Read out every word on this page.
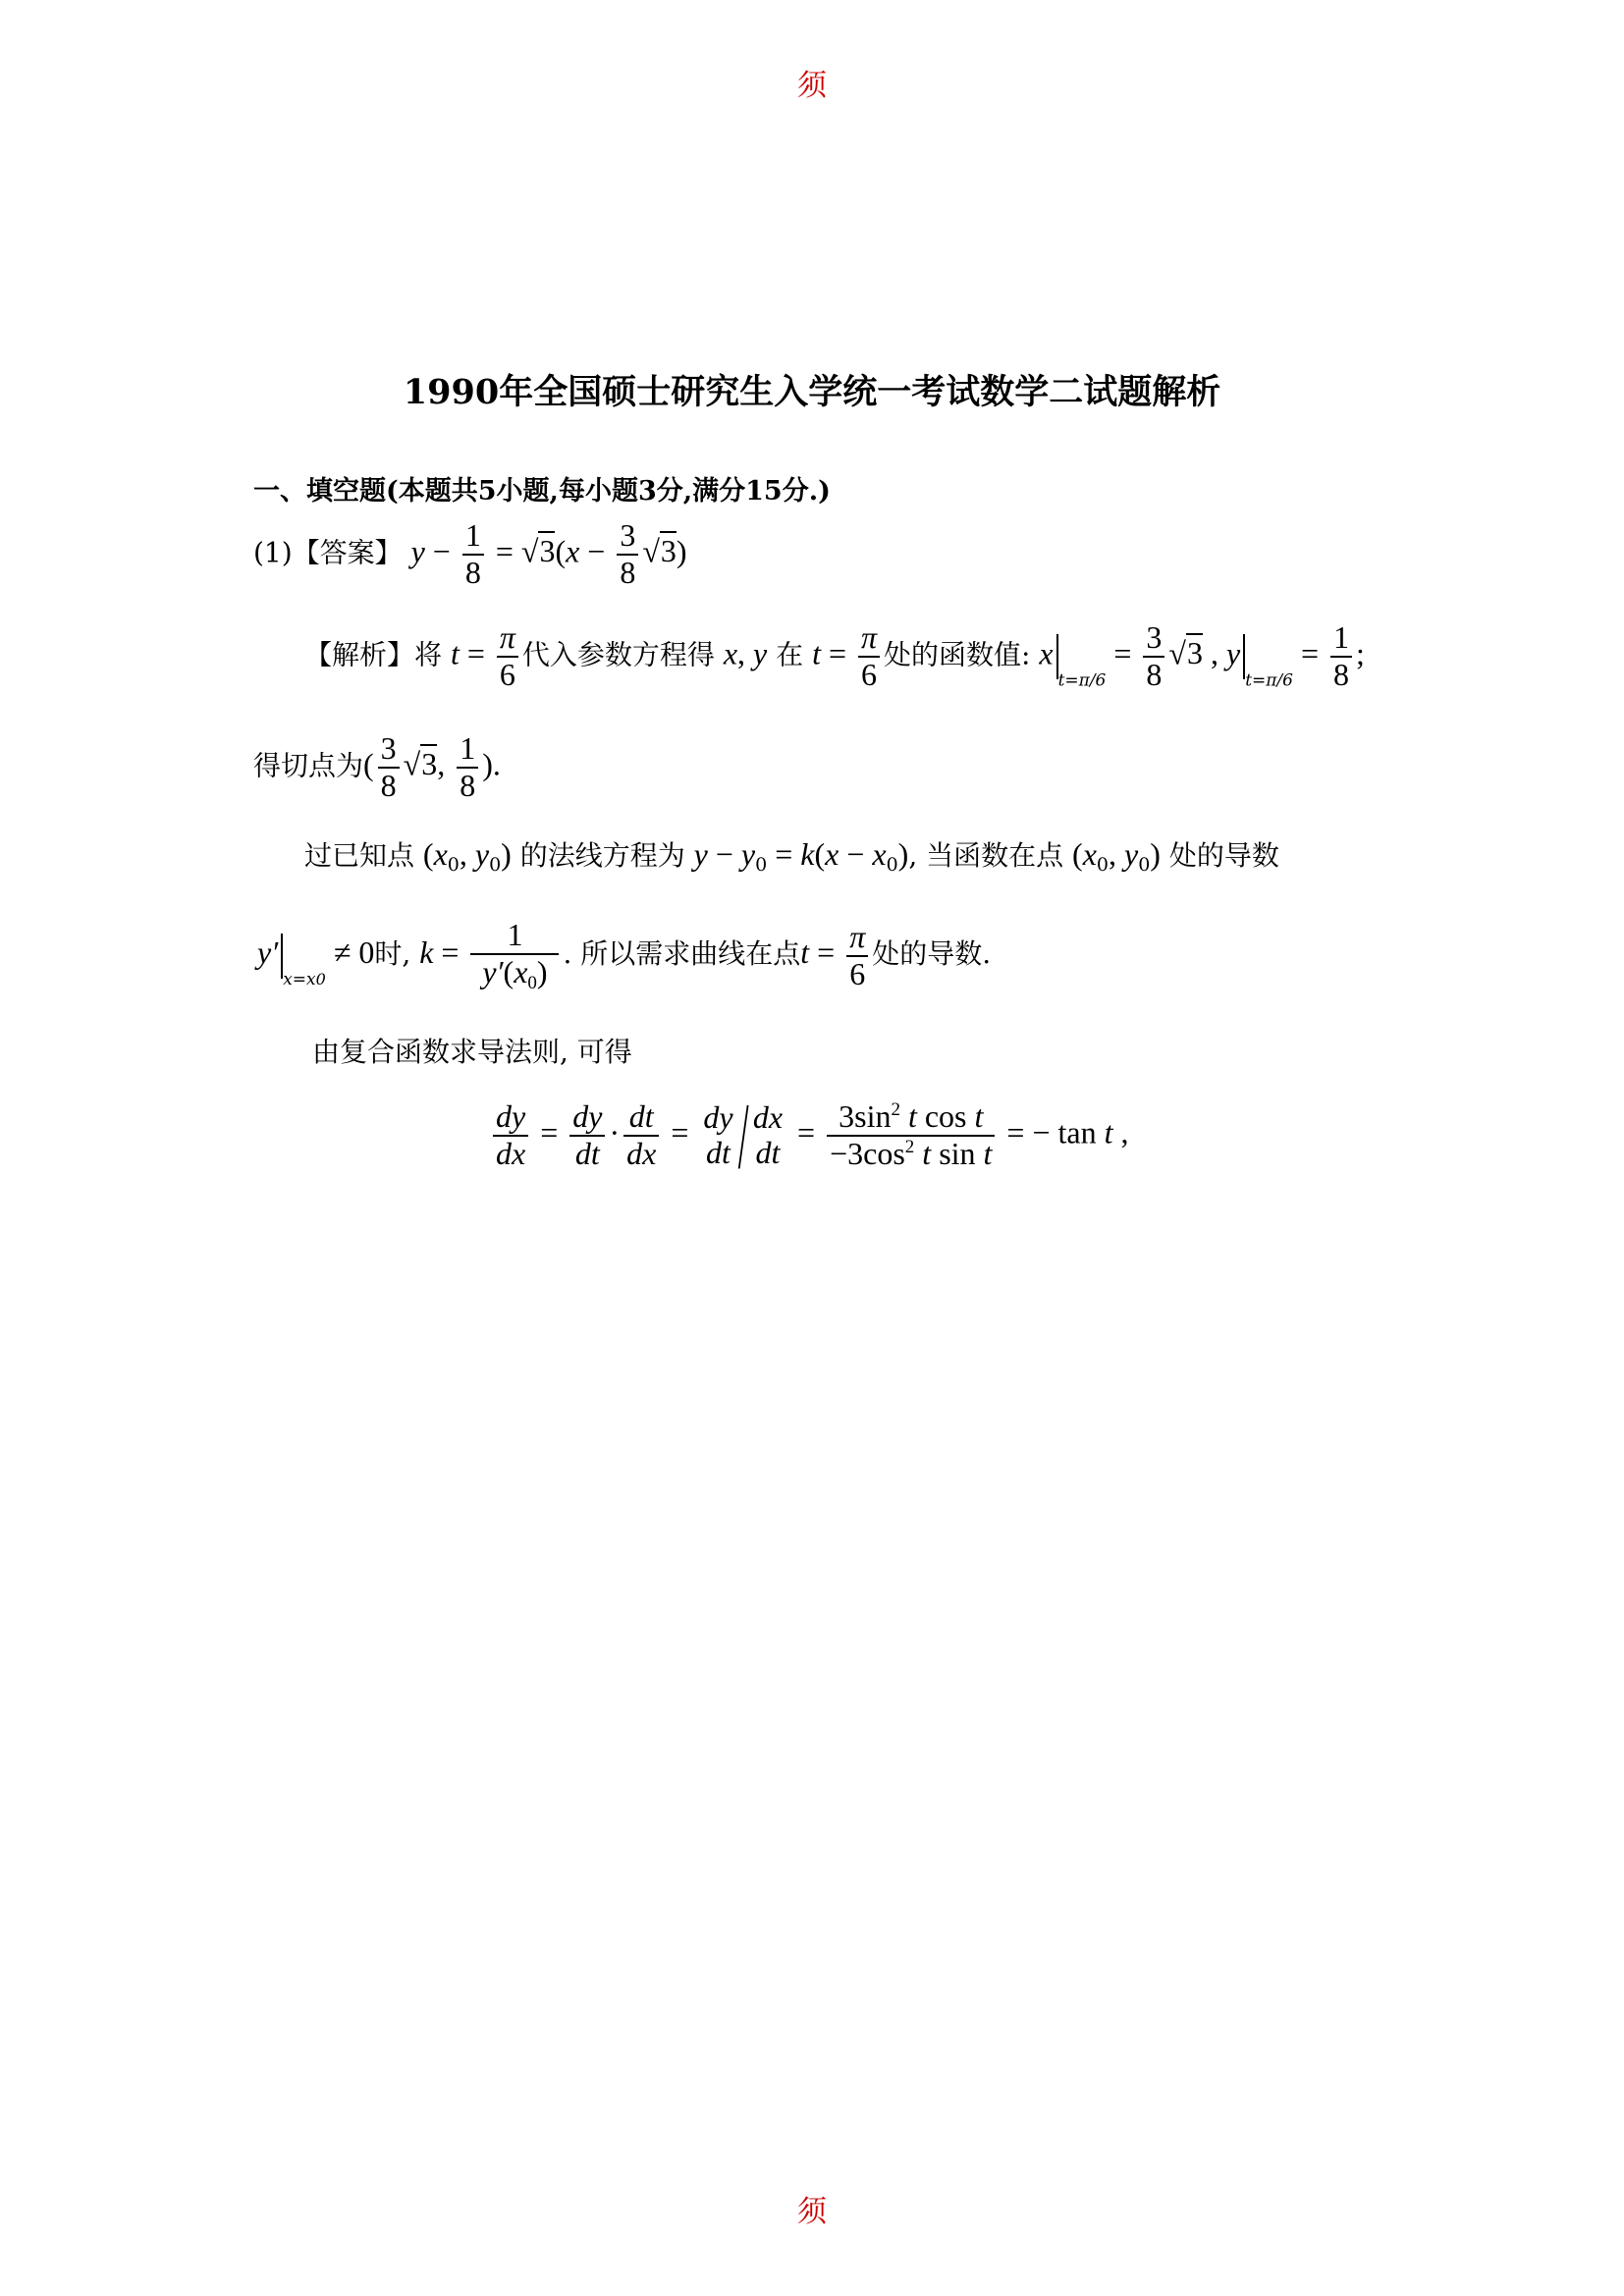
须
1990年全国硕士研究生入学统一考试数学二试题解析
一、填空题(本题共5小题,每小题3分,满分15分.)
(1)【答案】 $y - \frac{1}{8} = √3(x - \frac{3}{8} √3)$
【解析】将 $t = \frac{\pi}{6}$ 代入参数方程得 x, y 在 $t = \frac{\pi}{6}$ 处的函数值: $x_{t=\pi/6} = \frac{3}{8} √3$ , $y_{t=\pi/6} = \frac{1}{8}$ ;
得切点为( $\frac{3}{8} √3$, $\frac{1}{8}$ ).
过已知点 ($x_0$, $y_0$) 的法线方程为 $y - y_0 = k(x - x_0)$, 当函数在点 ($x_0$, $y_0$) 处的导数
$y'_{x=x0} \ne 0$时, $k = \frac{1}{y'(x_0)}$ . 所以需求曲线在点$t = \frac{\pi}{6}$ 处的导数.
由复合函数求导法则, 可得
$\frac{dy}{dx} = \frac{dy}{dt} \cdot \frac{dt}{dx}$ = dy
dt / dx
dt
= $\frac{3\sin^2 t \cos t}{-3\cos^2 t \sin t}$ = − tan t ,
须
